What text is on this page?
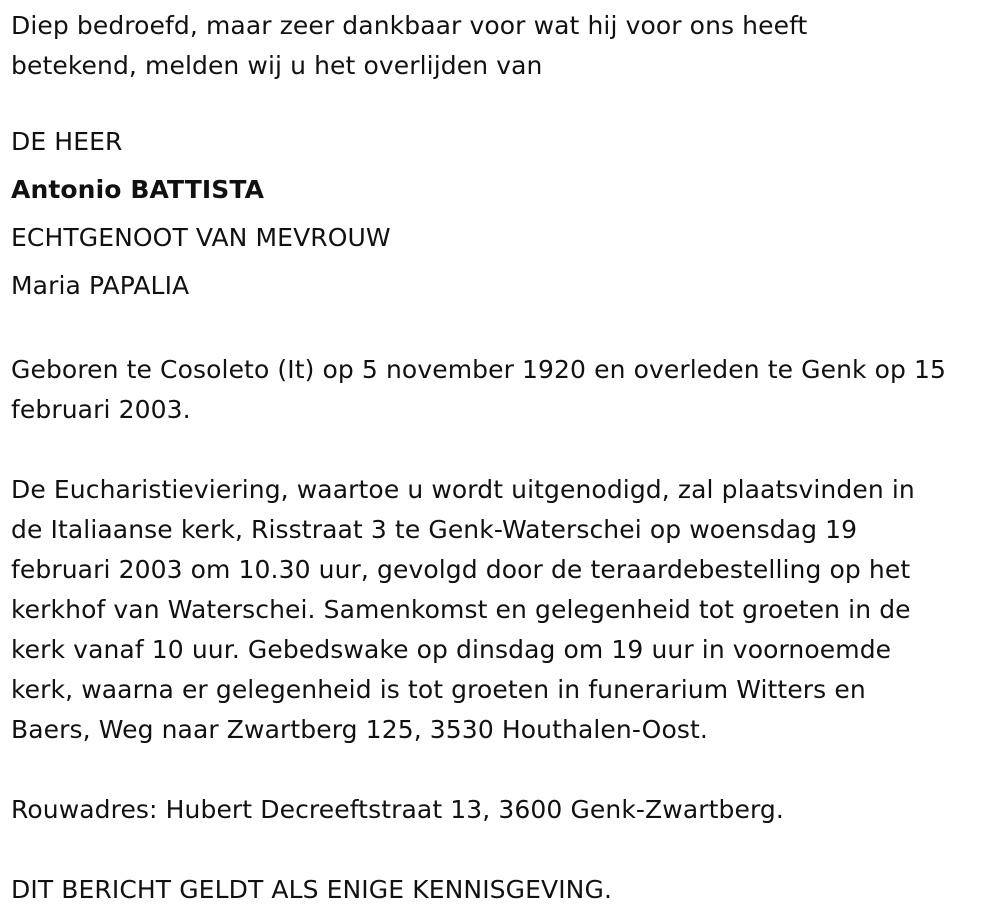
Diep bedroefd, maar zeer dankbaar voor wat hij voor ons heeft
betekend, melden wij u het overlijden van

DE HEER

Antonio BATTISTA

ECHTGENOOT VAN MEVROUW

Maria PAPALIA

Geboren te Cosoleto (It) op 5 november 1920 en overleden te Genk op 15
februari 2003.

De Eucharistieviering, waartoe u wordt uitgenodigd, zal plaatsvinden in
de Italiaanse kerk, Risstraat 3 te Genk-Waterschei op woensdag 19
februari 2003 om 10.30 uur, gevolgd door de teraardebestelling op het
kerkhof van Waterschei. Samenkomst en gelegenheid tot groeten in de
kerk vanaf 10 uur. Gebedswake op dinsdag om 19 uur in voornoemde
kerk, waarna er gelegenheid is tot groeten in funerarium Witters en
Baers, Weg naar Zwartberg 125, 3530 Houthalen-Oost.

Rouwadres: Hubert Decreeftstraat 13, 3600 Genk-Zwartberg.

DIT BERICHT GELDT ALS ENIGE KENNISGEVING.
